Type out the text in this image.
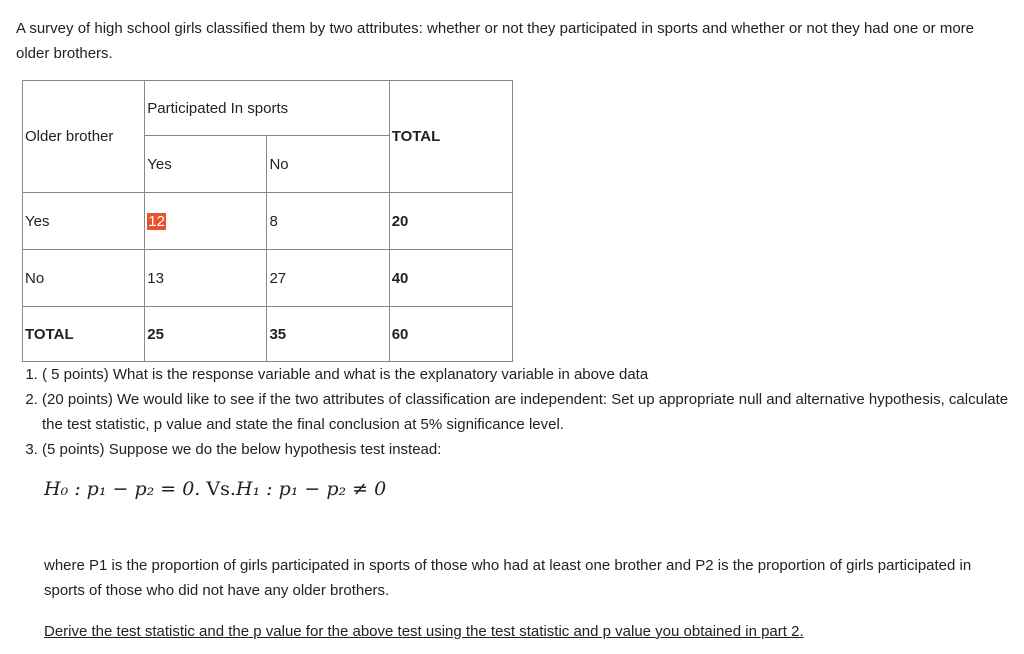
A survey of high school girls classified them by two attributes: whether or not they participated in sports and whether or not they had one or more older brothers.

Older brother	Participated In sports		TOTAL
	Yes	No	
Yes	12	8	20
No	13	27	40
TOTAL	25	35	60
1. ( 5 points) What is the response variable and what is the explanatory variable in above data
2. (20 points) We would like to see if the two attributes of classification are independent: Set up appropriate null and alternative hypothesis, calculate the test statistic, p value and state the final conclusion at 5% significance level.
3. (5 points) Suppose we do the below hypothesis test instead:
H₀ : p₁ − p₂ = 0. Vs.H₁ : p₁ − p₂ ≠ 0

where P1 is the proportion of girls participated in sports of those who had at least one brother and P2 is the proportion of girls participated in sports of those who did not have any older brothers.

Derive the test statistic and the p value for the above test using the test statistic and p value you obtained in part 2.
